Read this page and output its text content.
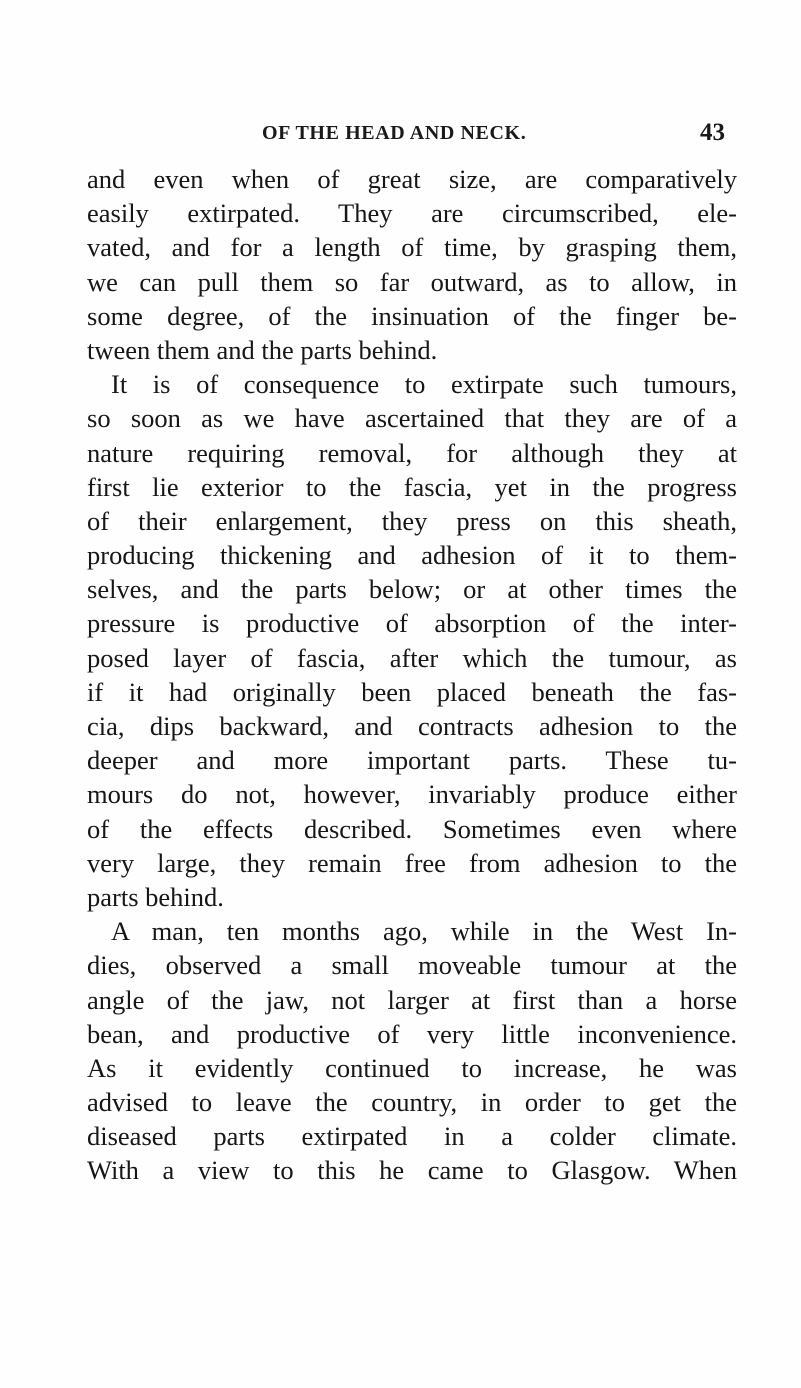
OF THE HEAD AND NECK.	43
and even when of great size, are comparatively
easily extirpated. They are circumscribed, ele-
vated, and for a length of time, by grasping them,
we can pull them so far outward, as to allow, in
some degree, of the insinuation of the finger be-
tween them and the parts behind.
It is of consequence to extirpate such tumours,
so soon as we have ascertained that they are of a
nature requiring removal, for although they at
first lie exterior to the fascia, yet in the progress
of their enlargement, they press on this sheath,
producing thickening and adhesion of it to them-
selves, and the parts below; or at other times the
pressure is productive of absorption of the inter-
posed layer of fascia, after which the tumour, as
if it had originally been placed beneath the fas-
cia, dips backward, and contracts adhesion to the
deeper and more important parts. These tu-
mours do not, however, invariably produce either
of the effects described. Sometimes even where
very large, they remain free from adhesion to the
parts behind.
A man, ten months ago, while in the West In-
dies, observed a small moveable tumour at the
angle of the jaw, not larger at first than a horse
bean, and productive of very little inconvenience.
As it evidently continued to increase, he was
advised to leave the country, in order to get the
diseased parts extirpated in a colder climate.
With a view to this he came to Glasgow. When
